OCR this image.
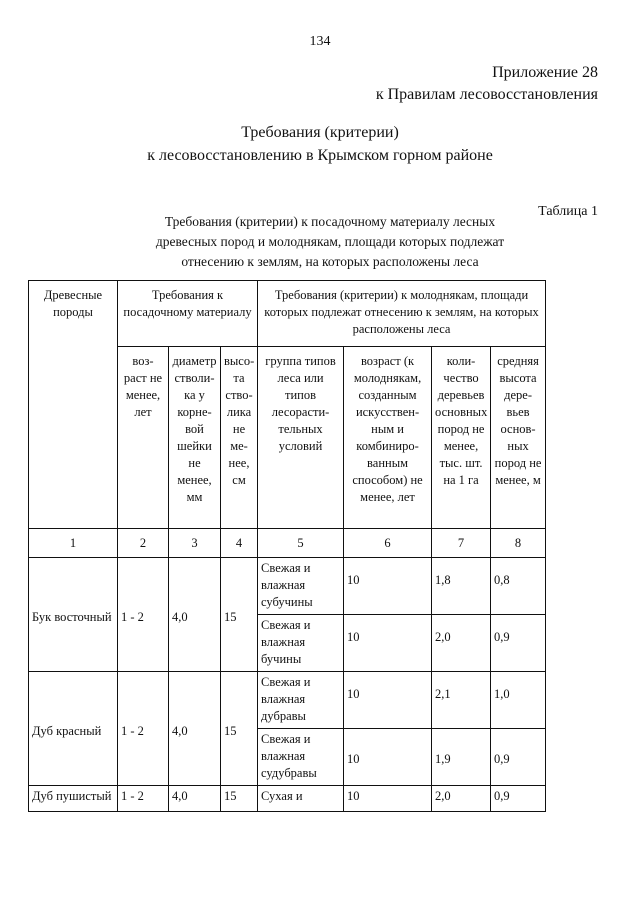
134
Приложение 28
к Правилам лесовосстановления
Требования (критерии)
к лесовосстановлению в Крымском горном районе
Таблица 1
Требования (критерии) к посадочному материалу лесных
древесных пород и молоднякам, площади которых подлежат
отнесению к землям, на которых расположены леса
Древесные породы	Требования к посадочному материалу			Требования (критерии) к молоднякам, площади которых подлежат отнесению к землям, на которых расположены леса			
	воз- раст не менее, лет	диаметр стволи- ка у корне- вой шейки не менее, мм	высо- та ство- лика не ме- нее, см	группа типов леса или типов лесорасти- тельных условий	возраст (к молоднякам, созданным искусствен- ным и комбиниро- ванным способом) не менее, лет	коли- чество деревьев основных пород не менее, тыс. шт. на 1 га	средняя высота дере- вьев основ- ных пород не менее, м
1	2	3	4	5	6	7	8
Бук восточный	1 - 2	4,0	15	Свежая и влажная субучины	10	1,8	0,8
				Свежая и влажная бучины	10	2,0	0,9
Дуб красный	1 - 2	4,0	15	Свежая и влажная дубравы	10	2,1	1,0
				Свежая и влажная судубравы	10	1,9	0,9
Дуб пушистый	1 - 2	4,0	15	Сухая и	10	2,0	0,9
